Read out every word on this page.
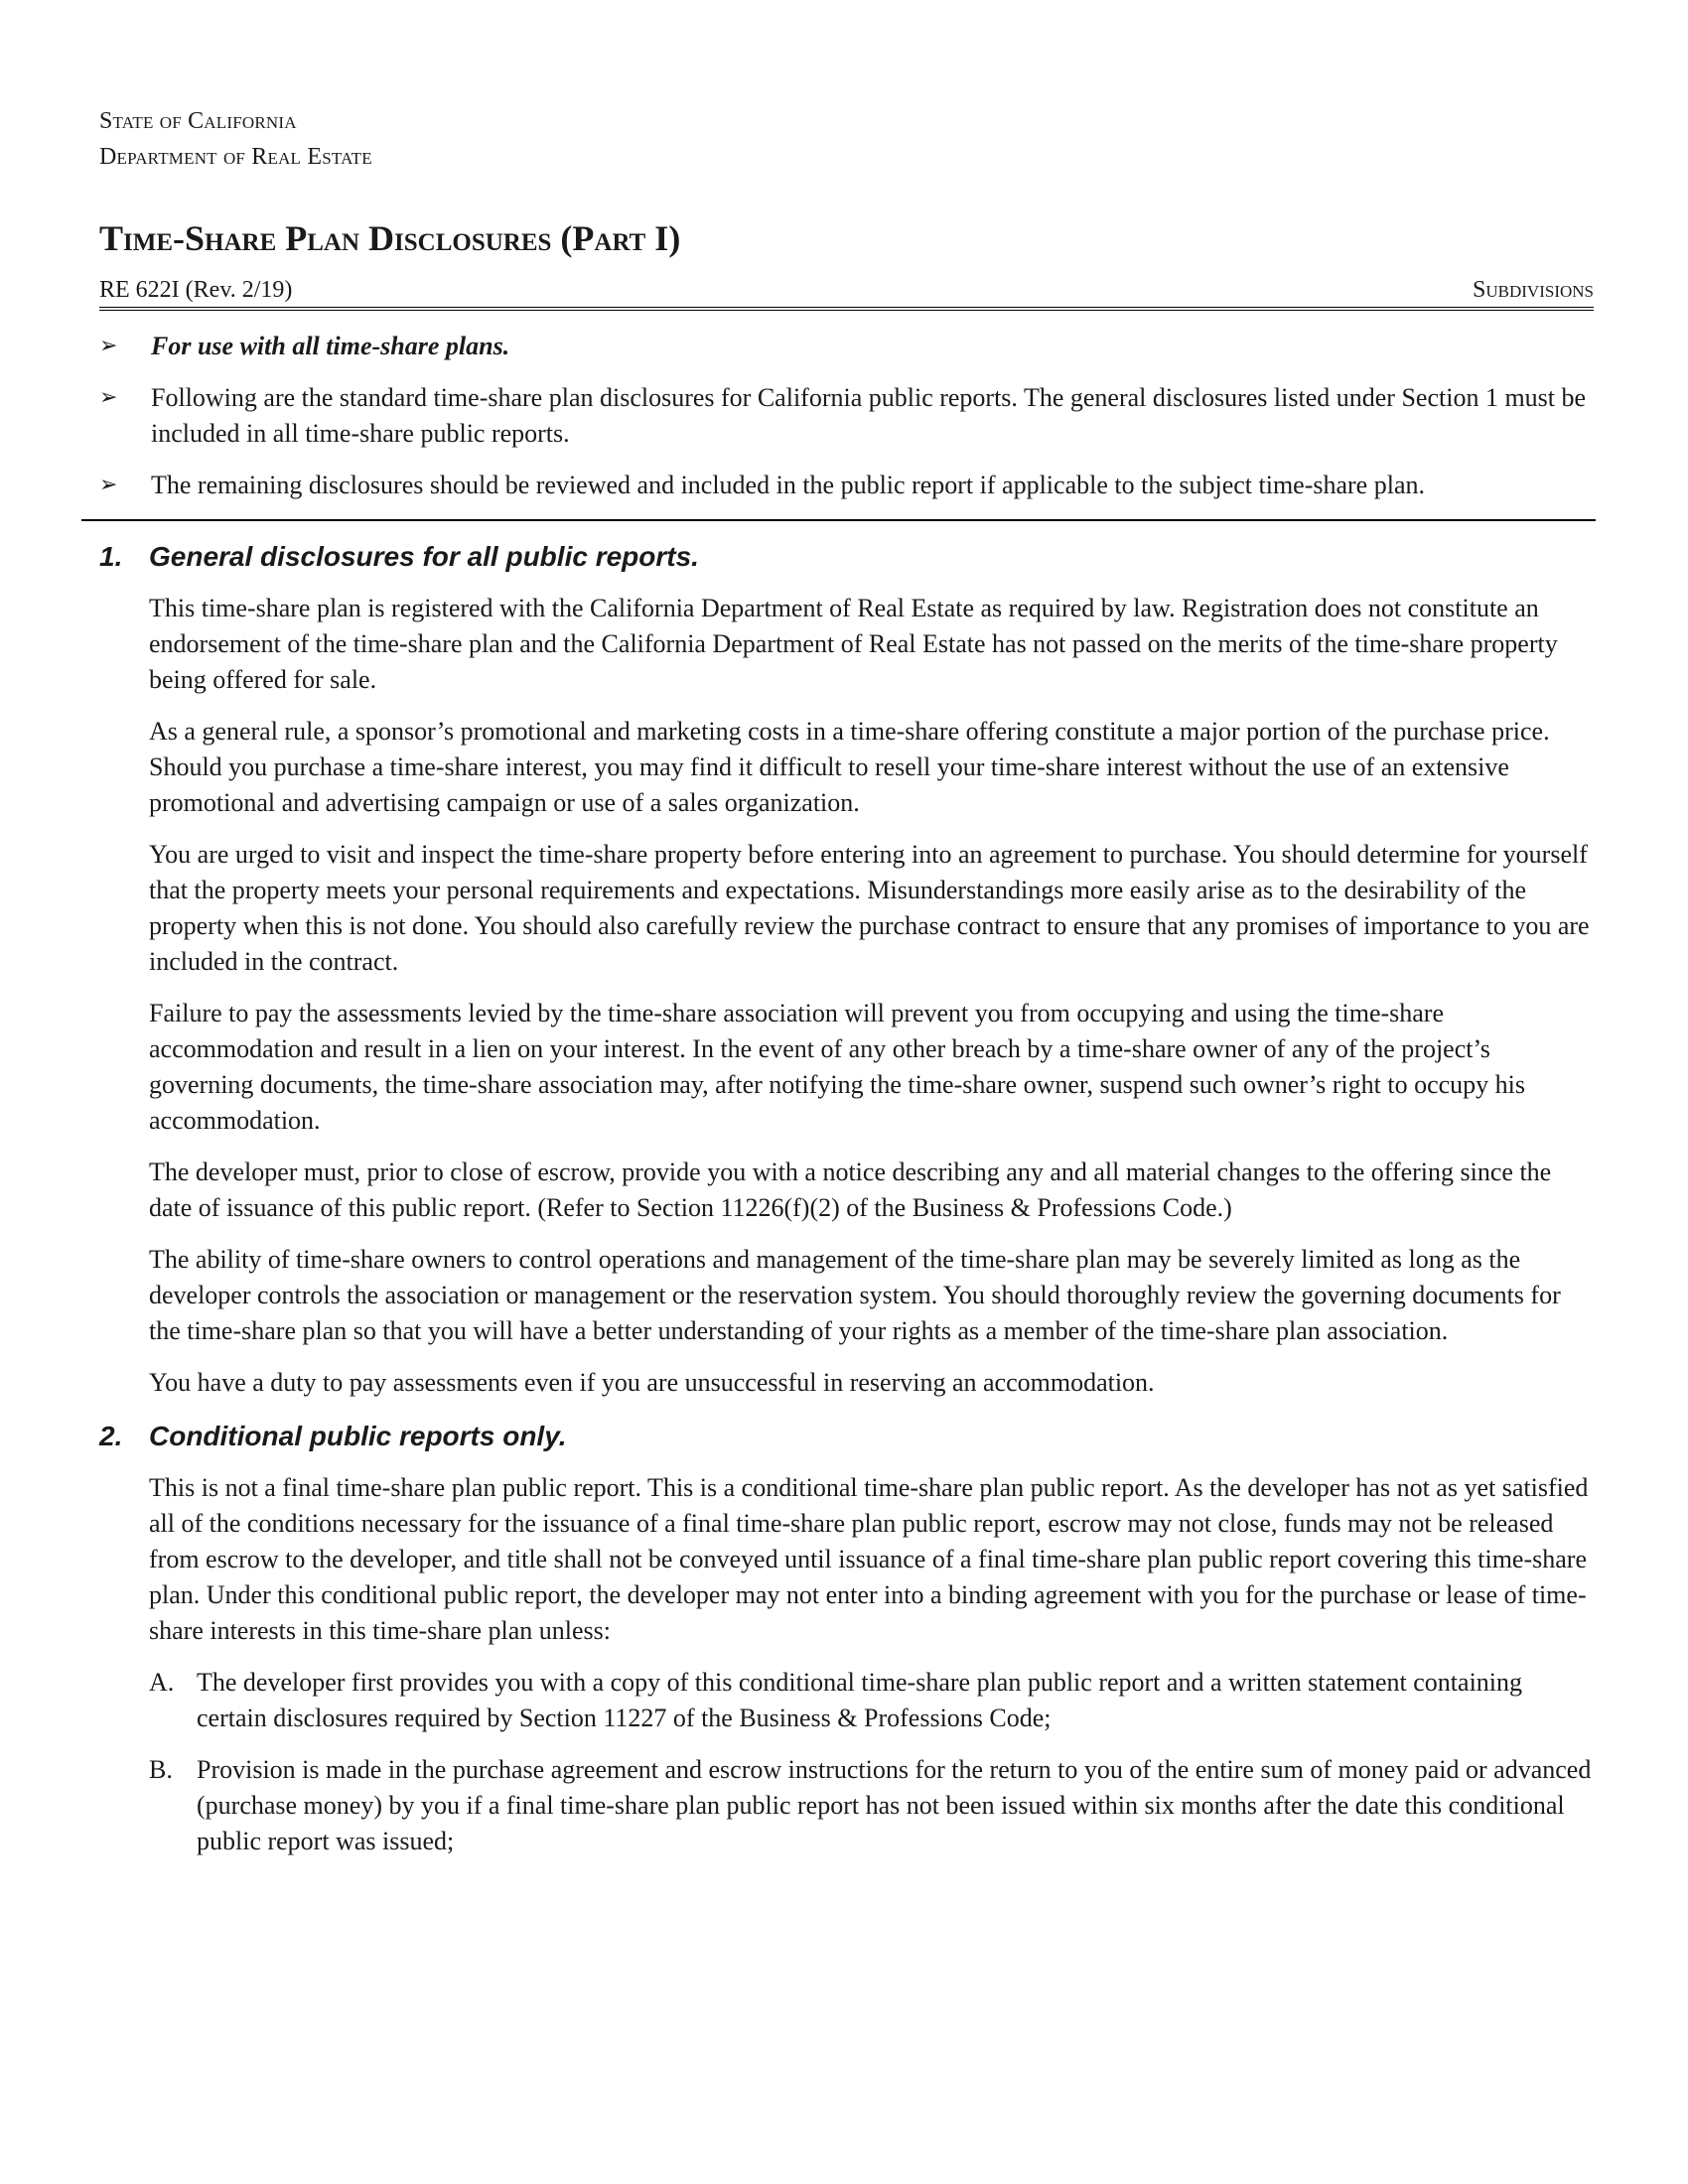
State of California
Department of Real Estate
Time-Share Plan Disclosures (Part I)
RE 622I (Rev. 2/19)	Subdivisions
➢ For use with all time-share plans.
➢ Following are the standard time-share plan disclosures for California public reports. The general disclosures listed under Section 1 must be included in all time-share public reports.
➢ The remaining disclosures should be reviewed and included in the public report if applicable to the subject time-share plan.
1. General disclosures for all public reports.
This time-share plan is registered with the California Department of Real Estate as required by law. Registration does not constitute an endorsement of the time-share plan and the California Department of Real Estate has not passed on the merits of the time-share property being offered for sale.
As a general rule, a sponsor’s promotional and marketing costs in a time-share offering constitute a major portion of the purchase price. Should you purchase a time-share interest, you may find it difficult to resell your time-share interest without the use of an extensive promotional and advertising campaign or use of a sales organization.
You are urged to visit and inspect the time-share property before entering into an agreement to purchase. You should determine for yourself that the property meets your personal requirements and expectations. Misunderstandings more easily arise as to the desirability of the property when this is not done. You should also carefully review the purchase contract to ensure that any promises of importance to you are included in the contract.
Failure to pay the assessments levied by the time-share association will prevent you from occupying and using the time-share accommodation and result in a lien on your interest. In the event of any other breach by a time-share owner of any of the project’s governing documents, the time-share association may, after notifying the time-share owner, suspend such owner’s right to occupy his accommodation.
The developer must, prior to close of escrow, provide you with a notice describing any and all material changes to the offering since the date of issuance of this public report. (Refer to Section 11226(f)(2) of the Business & Professions Code.)
The ability of time-share owners to control operations and management of the time-share plan may be severely limited as long as the developer controls the association or management or the reservation system. You should thoroughly review the governing documents for the time-share plan so that you will have a better understanding of your rights as a member of the time-share plan association.
You have a duty to pay assessments even if you are unsuccessful in reserving an accommodation.
2. Conditional public reports only.
This is not a final time-share plan public report. This is a conditional time-share plan public report. As the developer has not as yet satisfied all of the conditions necessary for the issuance of a final time-share plan public report, escrow may not close, funds may not be released from escrow to the developer, and title shall not be conveyed until issuance of a final time-share plan public report covering this time-share plan. Under this conditional public report, the developer may not enter into a binding agreement with you for the purchase or lease of time-share interests in this time-share plan unless:
A. The developer first provides you with a copy of this conditional time-share plan public report and a written statement containing certain disclosures required by Section 11227 of the Business & Professions Code;
B. Provision is made in the purchase agreement and escrow instructions for the return to you of the entire sum of money paid or advanced (purchase money) by you if a final time-share plan public report has not been issued within six months after the date this conditional public report was issued;
